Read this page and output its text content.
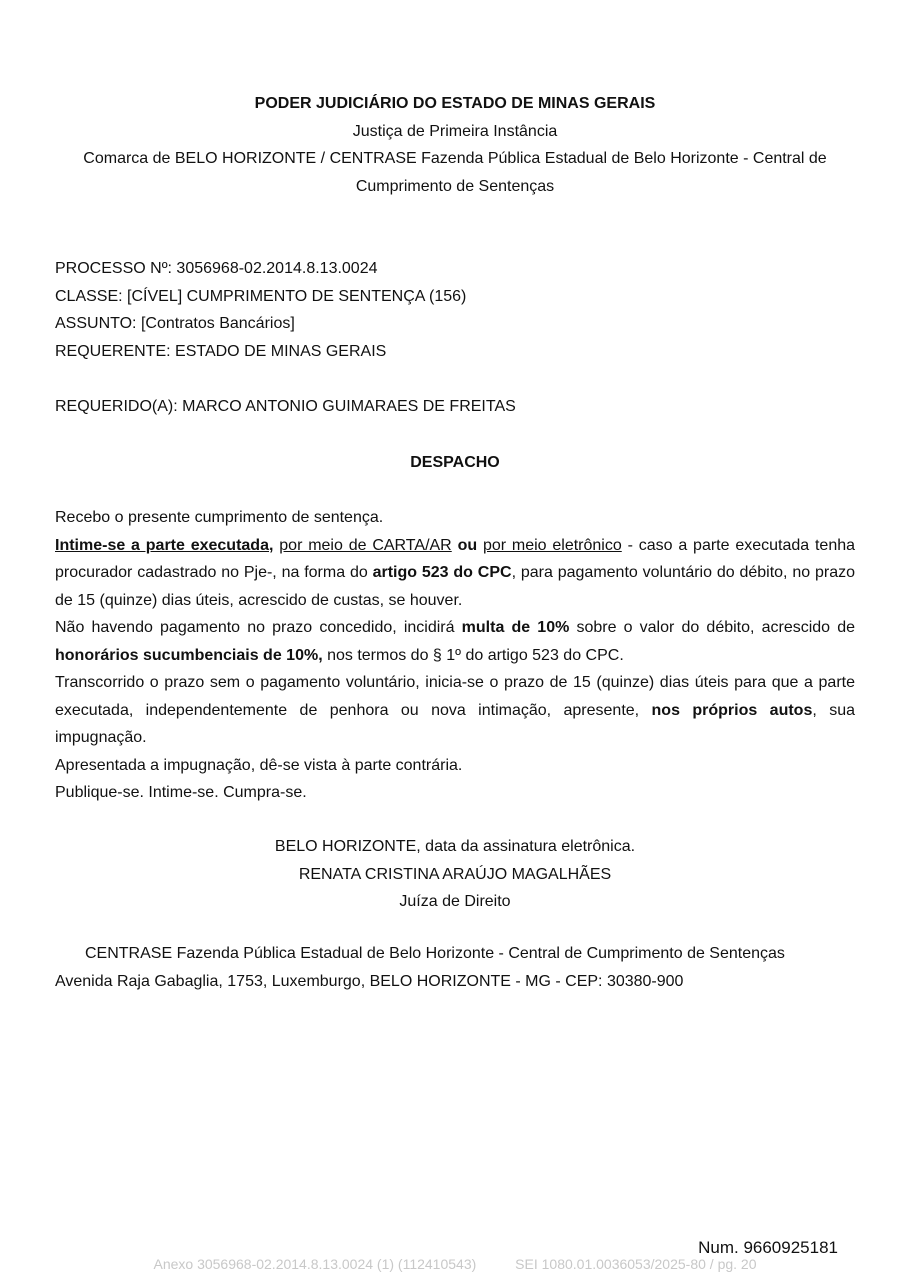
PODER JUDICIÁRIO DO ESTADO DE MINAS GERAIS
Justiça de Primeira Instância
Comarca de BELO HORIZONTE / CENTRASE Fazenda Pública Estadual de Belo Horizonte - Central de
Cumprimento de Sentenças
PROCESSO Nº: 3056968-02.2014.8.13.0024
CLASSE: [CÍVEL] CUMPRIMENTO DE SENTENÇA (156)
ASSUNTO: [Contratos Bancários]
REQUERENTE: ESTADO DE MINAS GERAIS
REQUERIDO(A): MARCO ANTONIO GUIMARAES DE FREITAS
DESPACHO

Recebo o presente cumprimento de sentença.

Intime-se a parte executada, por meio de CARTA/AR ou por meio eletrônico - caso a parte executada tenha procurador cadastrado no Pje-, na forma do artigo 523 do CPC, para pagamento voluntário do débito, no prazo de 15 (quinze) dias úteis, acrescido de custas, se houver.

Não havendo pagamento no prazo concedido, incidirá multa de 10% sobre o valor do débito, acrescido de honorários sucumbenciais de 10%, nos termos do § 1º do artigo 523 do CPC.

Transcorrido o prazo sem o pagamento voluntário, inicia-se o prazo de 15 (quinze) dias úteis para que a parte executada, independentemente de penhora ou nova intimação, apresente, nos próprios autos, sua impugnação.

Apresentada a impugnação, dê-se vista à parte contrária.

Publique-se. Intime-se. Cumpra-se.

BELO HORIZONTE, data da assinatura eletrônica.
RENATA CRISTINA ARAÚJO MAGALHÃES
Juíza de Direito
CENTRASE Fazenda Pública Estadual de Belo Horizonte - Central de Cumprimento de Sentenças
Avenida Raja Gabaglia, 1753, Luxemburgo, BELO HORIZONTE - MG - CEP: 30380-900
Num. 9660925181
Anexo 3056968-02.2014.8.13.0024 (1) (112410543)	SEI 1080.01.0036053/2025-80 / pg. 20
